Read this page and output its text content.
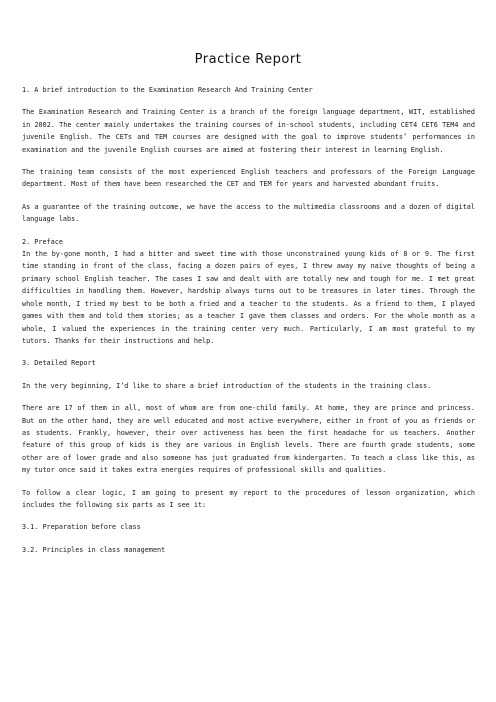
Practice Report
1. A brief introduction to the Examination Research And Training Center

The Examination Research and Training Center is a branch of the foreign language department, WIT, established in 2002. The center mainly undertakes the training courses of in-school students, including CET4 CET6 TEM4 and juvenile English. The CETs and TEM courses are designed with the goal to improve students’ performances in examination and the juvenile English courses are aimed at fostering their interest in learning English.

The training team consists of the most experienced English teachers and professors of the Foreign Language department. Most of them have been researched the CET and TEM for years and harvested abundant fruits.

As a guarantee of the training outcome, we have the access to the multimedia classrooms and a dozen of digital language labs.

2. Preface

In the by-gone month, I had a bitter and sweet time with those unconstrained young kids of 8 or 9. The first time standing in front of the class, facing a dozen pairs of eyes, I threw away my naive thoughts of being a primary school English teacher. The cases I saw and dealt with are totally new and tough for me. I met great difficulties in handling them. However, hardship always turns out to be treasures in later times. Through the whole month, I tried my best to be both a fried and a teacher to the students. As a friend to them, I played games with them and told them stories; as a teacher I gave them classes and orders. For the whole month as a whole, I valued the experiences in the training center very much. Particularly, I am most grateful to my tutors. Thanks for their instructions and help.

3. Detailed Report

In the very beginning, I’d like to share a brief introduction of the students in the training class.

There are 17 of them in all, most of whom are from one-child family. At home, they are prince and princess. But on the other hand, they are well educated and most active everywhere, either in front of you as friends or as students. Frankly, however, their over activeness has been the first headache for us teachers. Another feature of this group of kids is they are various in English levels. There are fourth grade students, some other are of lower grade and also someone has just graduated from kindergarten. To teach a class like this, as my tutor once said it takes extra energies requires of professional skills and qualities.

To follow a clear logic, I am going to present my report to the procedures of lesson organization, which includes the following six parts as I see it:

3.1. Preparation before class
3.2. Principles in class management
